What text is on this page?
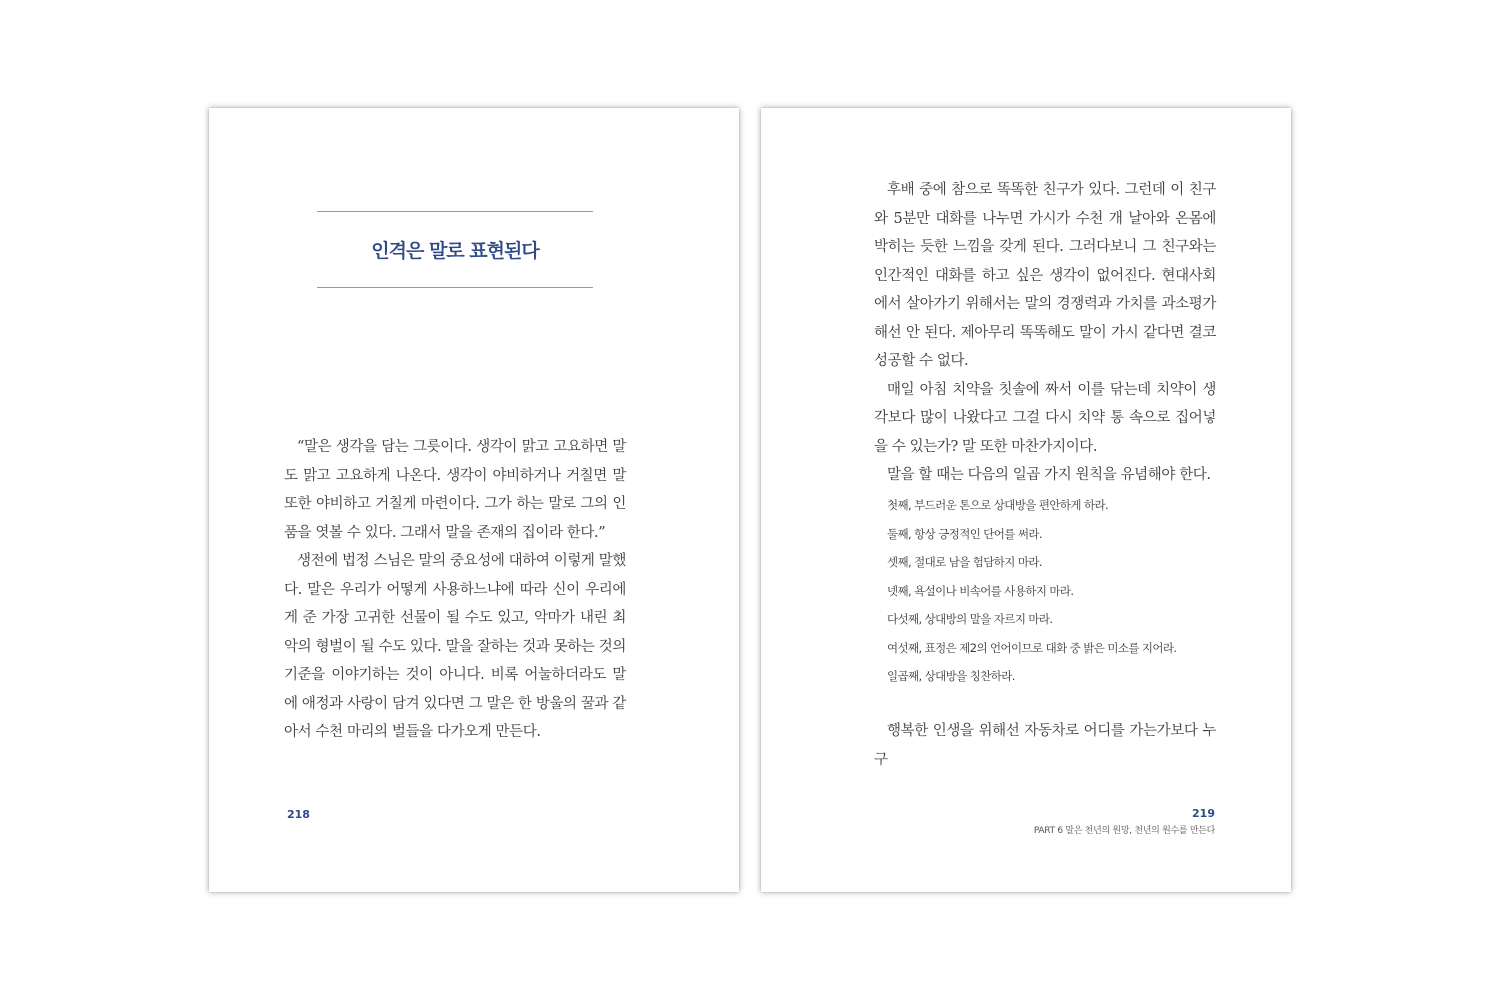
인격은 말로 표현된다

“말은 생각을 담는 그릇이다. 생각이 맑고 고요하면 말도 맑고 고요하게 나온다. 생각이 야비하거나 거칠면 말 또한 야비하고 거칠게 마련이다. 그가 하는 말로 그의 인품을 엿볼 수 있다. 그래서 말을 존재의 집이라 한다.”

생전에 법정 스님은 말의 중요성에 대하여 이렇게 말했다. 말은 우리가 어떻게 사용하느냐에 따라 신이 우리에게 준 가장 고귀한 선물이 될 수도 있고, 악마가 내린 최악의 형벌이 될 수도 있다. 말을 잘하는 것과 못하는 것의 기준을 이야기하는 것이 아니다. 비록 어눌하더라도 말에 애정과 사랑이 담겨 있다면 그 말은 한 방울의 꿀과 같아서 수천 마리의 벌들을 다가오게 만든다.

218

후배 중에 참으로 똑똑한 친구가 있다. 그런데 이 친구와 5분만 대화를 나누면 가시가 수천 개 날아와 온몸에 박히는 듯한 느낌을 갖게 된다. 그러다보니 그 친구와는 인간적인 대화를 하고 싶은 생각이 없어진다. 현대사회에서 살아가기 위해서는 말의 경쟁력과 가치를 과소평가해선 안 된다. 제아무리 똑똑해도 말이 가시 같다면 결코 성공할 수 없다.

매일 아침 치약을 칫솔에 짜서 이를 닦는데 치약이 생각보다 많이 나왔다고 그걸 다시 치약 통 속으로 집어넣을 수 있는가? 말 또한 마찬가지이다.

말을 할 때는 다음의 일곱 가지 원칙을 유념해야 한다.

첫째, 부드러운 톤으로 상대방을 편안하게 하라.
둘째, 항상 긍정적인 단어를 써라.
셋째, 절대로 남을 험담하지 마라.
넷째, 욕설이나 비속어를 사용하지 마라.
다섯째, 상대방의 말을 자르지 마라.
여섯째, 표정은 제2의 언어이므로 대화 중 밝은 미소를 지어라.
일곱째, 상대방을 칭찬하라.

행복한 인생을 위해선 자동차로 어디를 가는가보다 누구

219
PART 6 말은 천년의 원망, 천년의 원수를 만든다
